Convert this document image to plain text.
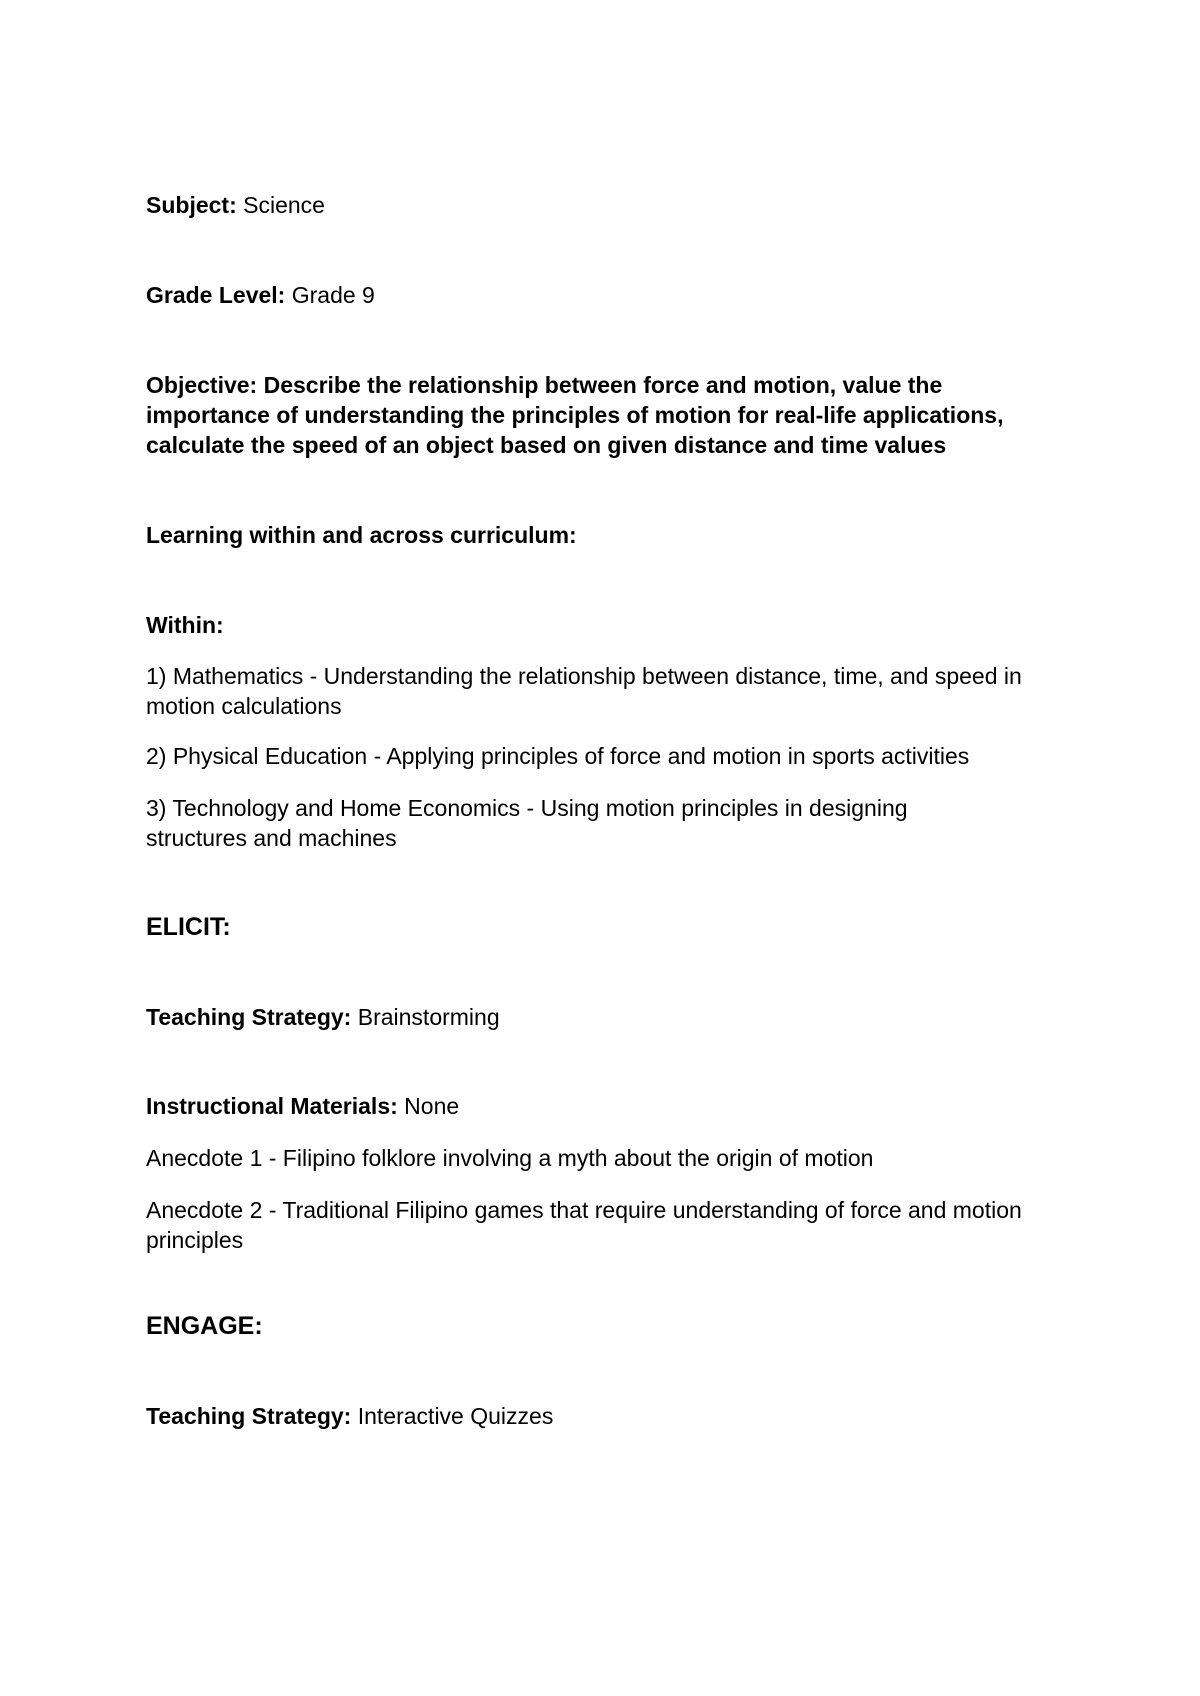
Subject: Science

Grade Level: Grade 9

Objective: Describe the relationship between force and motion, value the importance of understanding the principles of motion for real-life applications, calculate the speed of an object based on given distance and time values

Learning within and across curriculum:

Within:

1) Mathematics - Understanding the relationship between distance, time, and speed in motion calculations

2) Physical Education - Applying principles of force and motion in sports activities

3) Technology and Home Economics - Using motion principles in designing structures and machines

ELICIT:

Teaching Strategy: Brainstorming

Instructional Materials: None

Anecdote 1 - Filipino folklore involving a myth about the origin of motion

Anecdote 2 - Traditional Filipino games that require understanding of force and motion principles

ENGAGE:

Teaching Strategy: Interactive Quizzes
